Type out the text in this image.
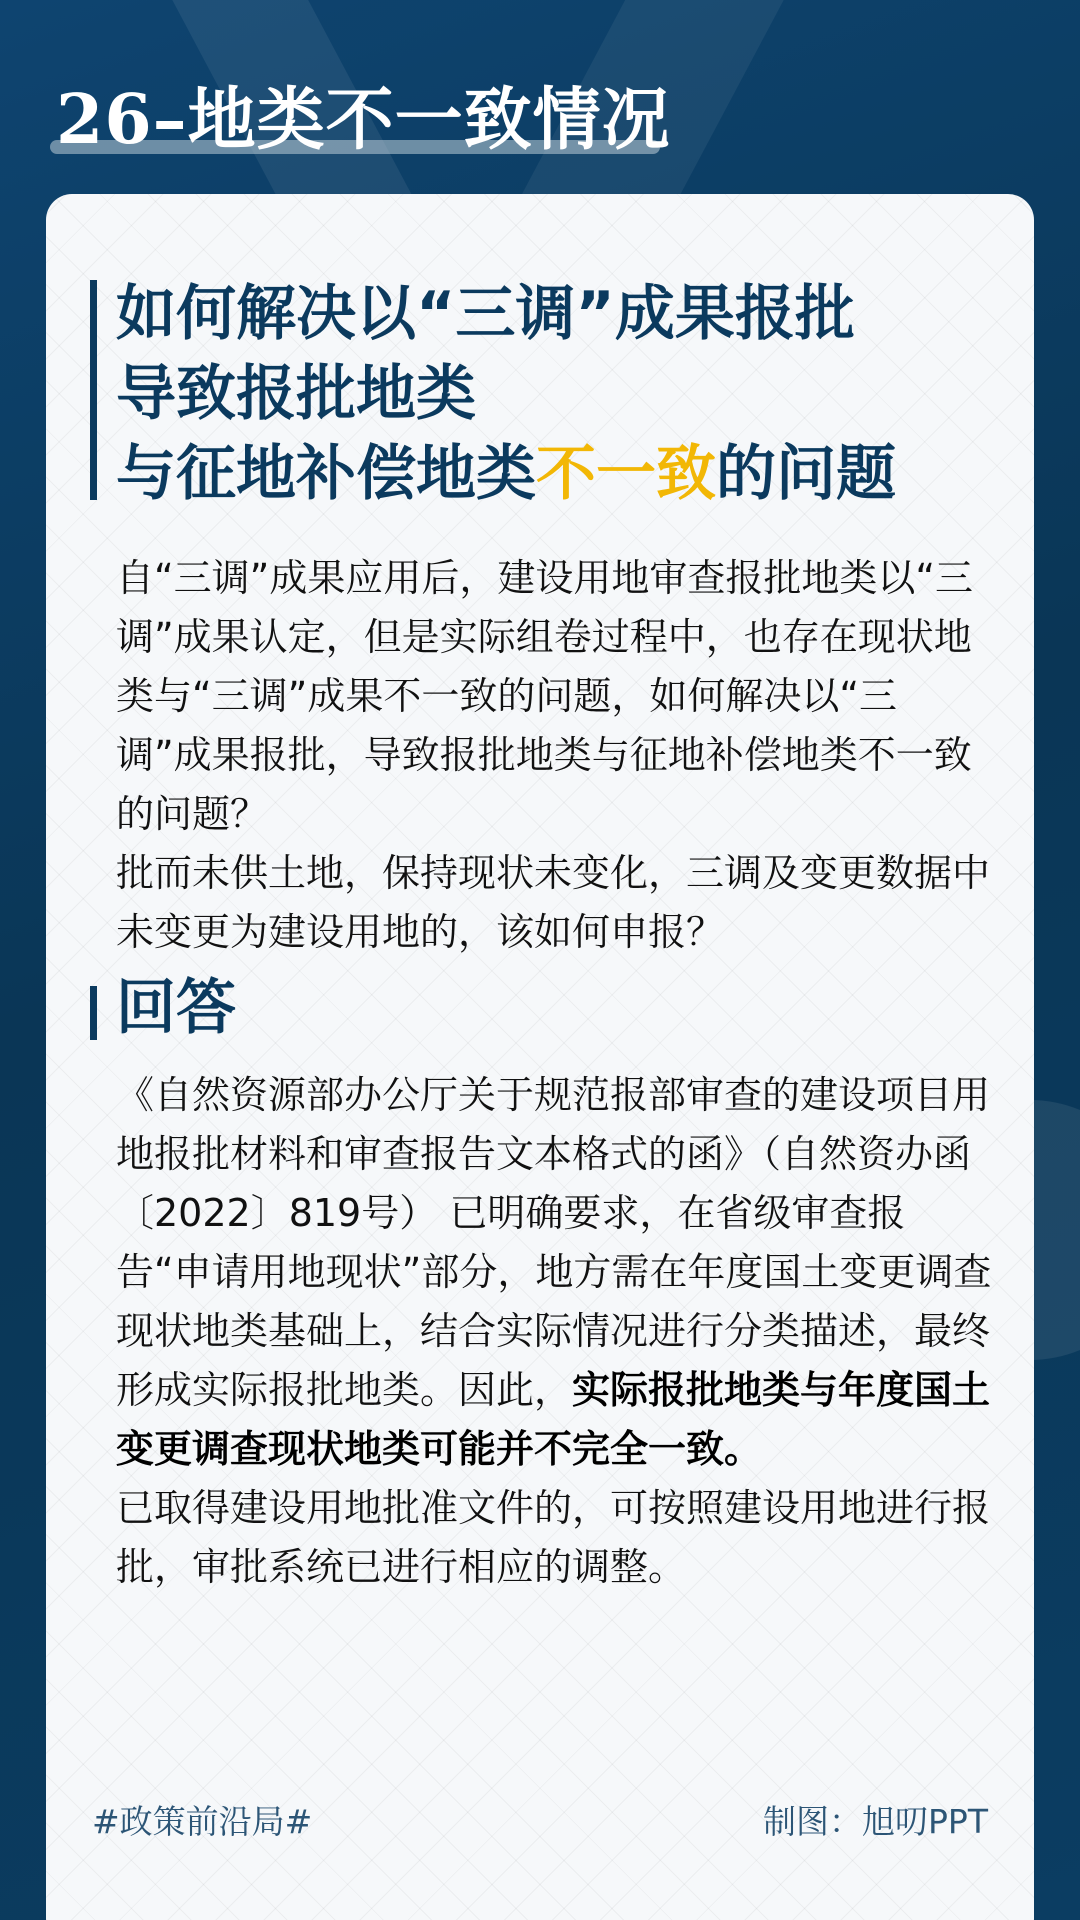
26–地类不一致情况
如何解决以“三调”成果报批
导致报批地类
与征地补偿地类不一致的问题

自“三调”成果应用后，建设用地审查报批地类以“三调”成果认定，但是实际组卷过程中，也存在现状地类与“三调”成果不一致的问题，如何解决以“三调”成果报批，导致报批地类与征地补偿地类不一致的问题？

批而未供土地，保持现状未变化，三调及变更数据中未变更为建设用地的，该如何申报？

回答

《自然资源部办公厅关于规范报部审查的建设项目用地报批材料和审查报告文本格式的函》（自然资办函〔2022〕819号） 已明确要求，在省级审查报告“申请用地现状”部分，地方需在年度国土变更调查现状地类基础上，结合实际情况进行分类描述，最终形成实际报批地类。因此，实际报批地类与年度国土变更调查现状地类可能并不完全一致。

已取得建设用地批准文件的，可按照建设用地进行报批，审批系统已进行相应的调整。

#政策前沿局#	制图：旭叨PPT
